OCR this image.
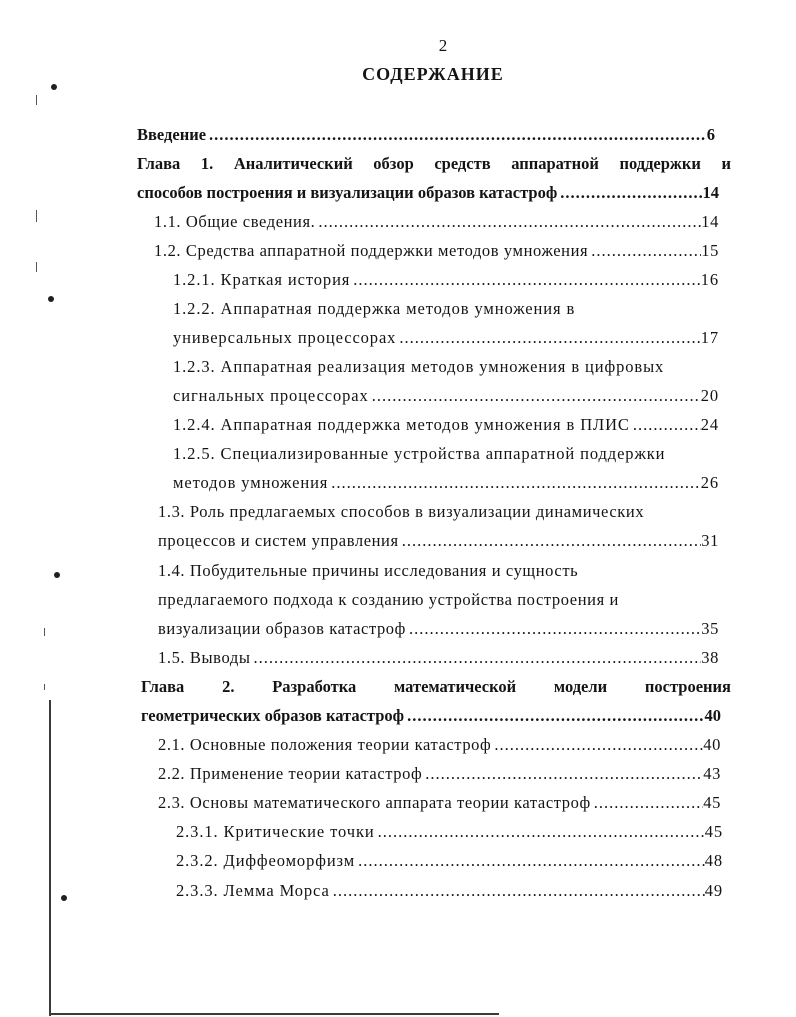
2
СОДЕРЖАНИЕ
Введение .....	6
Глава 1. Аналитический обзор средств аппаратной поддержки и
способов построения и визуализации образов катастроф .....	14
1.1. Общие сведения. .....	14
1.2. Средства аппаратной поддержки методов умножения .....	15
1.2.1. Краткая история .....	16
1.2.2. Аппаратная поддержка методов умножения в
универсальных процессорах .....	17
1.2.3. Аппаратная реализация методов умножения в цифровых
сигнальных процессорах .....	20
1.2.4. Аппаратная поддержка методов умножения в ПЛИС .....	24
1.2.5. Специализированные устройства аппаратной поддержки
методов умножения .....	26
1.3. Роль предлагаемых способов в визуализации динамических
процессов и систем управления .....	31
1.4. Побудительные причины исследования и сущность
предлагаемого подхода к созданию устройства построения и
визуализации образов катастроф .....	35
1.5. Выводы .....	38
Глава 2. Разработка математической модели построения
геометрических образов катастроф .....	40
2.1. Основные положения теории катастроф .....	40
2.2. Применение теории катастроф .....	43
2.3. Основы математического аппарата теории катастроф .....	45
2.3.1. Критические точки .....	45
2.3.2. Диффеоморфизм .....	48
2.3.3. Лемма Морса .....	49
